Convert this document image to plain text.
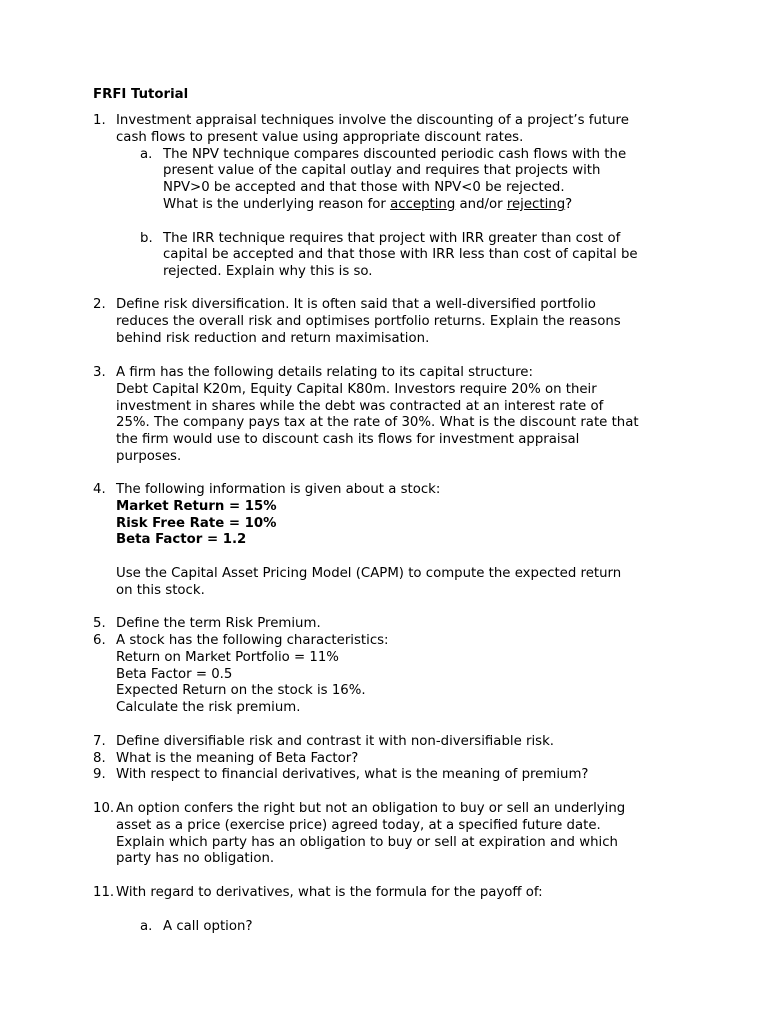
FRFI Tutorial
1. Investment appraisal techniques involve the discounting of a project’s future
cash flows to present value using appropriate discount rates.
a. The NPV technique compares discounted periodic cash flows with the
present value of the capital outlay and requires that projects with
NPV>0 be accepted and that those with NPV<0 be rejected.
What is the underlying reason for accepting and/or rejecting?
b. The IRR technique requires that project with IRR greater than cost of
capital be accepted and that those with IRR less than cost of capital be
rejected. Explain why this is so.
2. Define risk diversification. It is often said that a well-diversified portfolio
reduces the overall risk and optimises portfolio returns. Explain the reasons
behind risk reduction and return maximisation.
3. A firm has the following details relating to its capital structure:
Debt Capital K20m, Equity Capital K80m. Investors require 20% on their
investment in shares while the debt was contracted at an interest rate of
25%. The company pays tax at the rate of 30%. What is the discount rate that
the firm would use to discount cash its flows for investment appraisal
purposes.
4. The following information is given about a stock:
Market Return = 15%
Risk Free Rate = 10%
Beta Factor = 1.2
Use the Capital Asset Pricing Model (CAPM) to compute the expected return
on this stock.
5. Define the term Risk Premium.
6. A stock has the following characteristics:
Return on Market Portfolio = 11%
Beta Factor = 0.5
Expected Return on the stock is 16%.
Calculate the risk premium.
7. Define diversifiable risk and contrast it with non-diversifiable risk.
8. What is the meaning of Beta Factor?
9. With respect to financial derivatives, what is the meaning of premium?
10. An option confers the right but not an obligation to buy or sell an underlying
asset as a price (exercise price) agreed today, at a specified future date.
Explain which party has an obligation to buy or sell at expiration and which
party has no obligation.
11. With regard to derivatives, what is the formula for the payoff of:
a. A call option?
